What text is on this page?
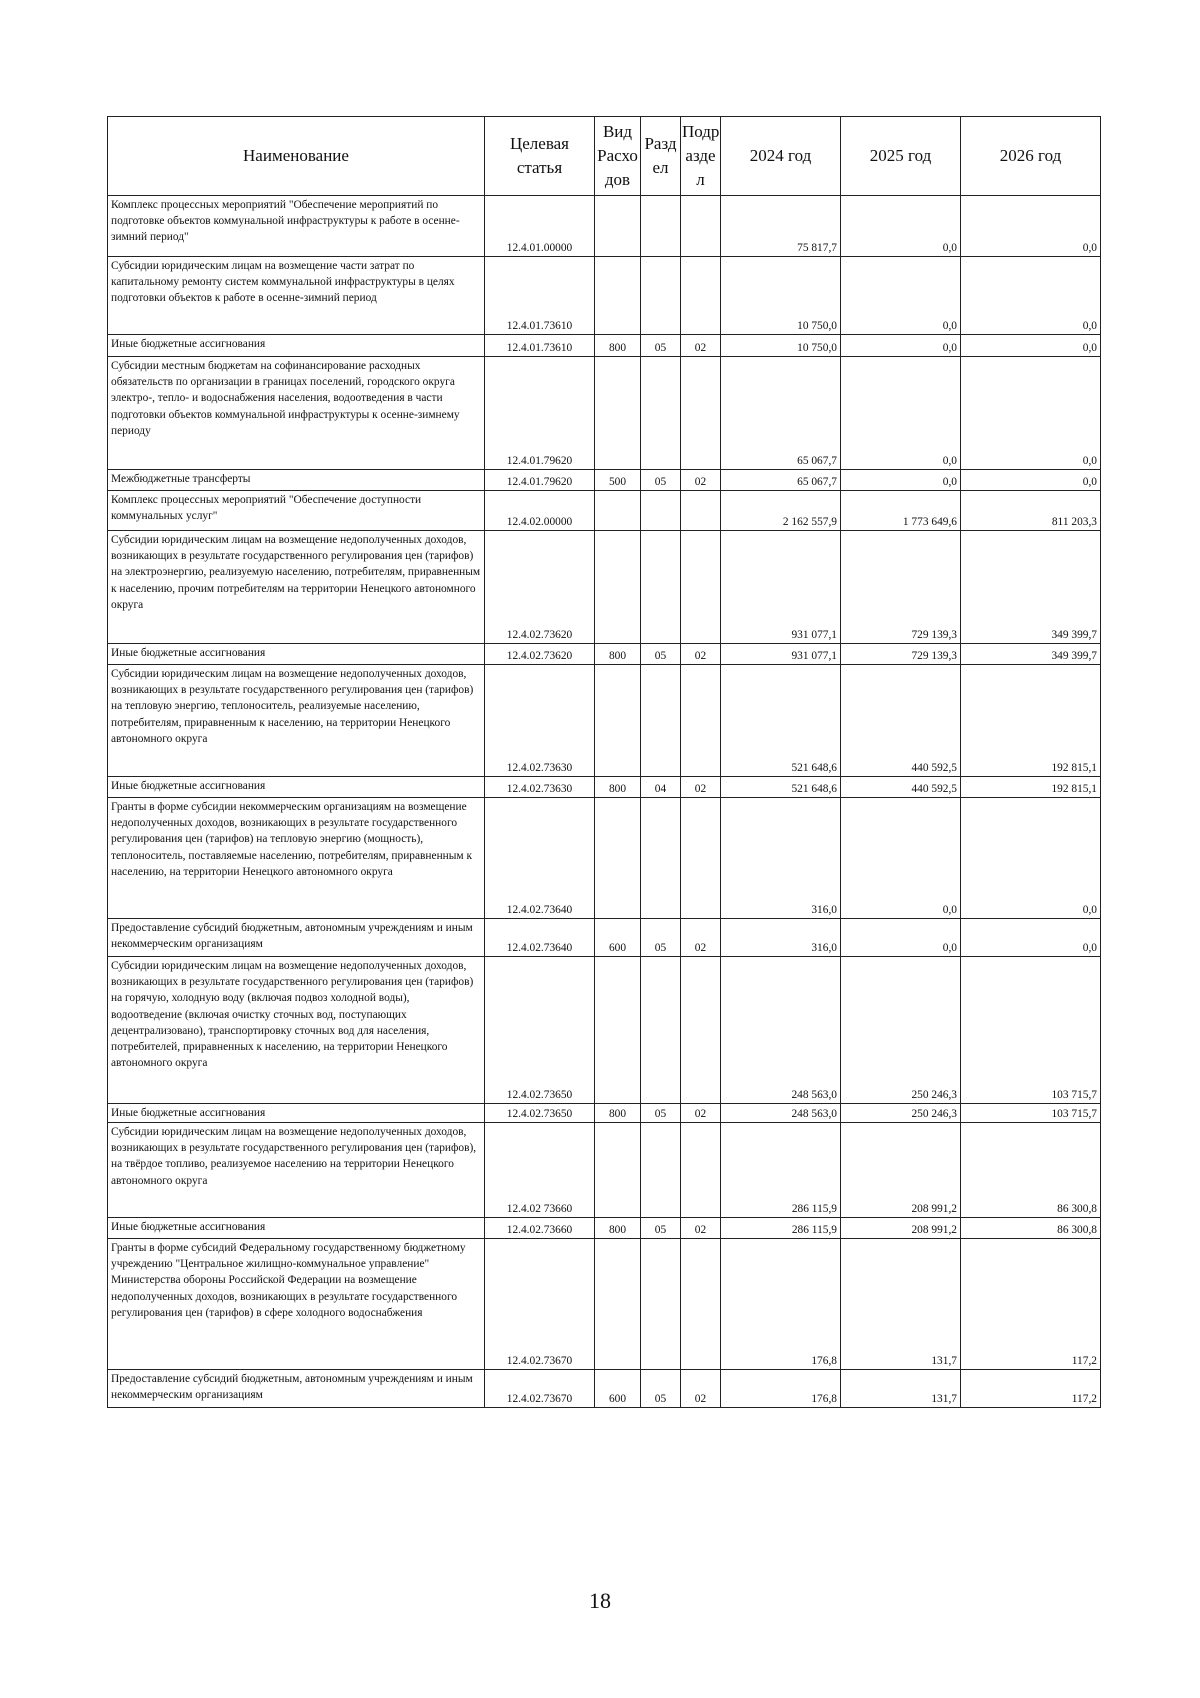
Наименование	Целевая статья	Вид Расхо дов	Разд ел	Подр азде л	2024 год	2025 год	2026 год
Комплекс процессных мероприятий "Обеспечение мероприятий по подготовке объектов коммунальной инфраструктуры к работе в осенне-зимний период"	12.4.01.00000				75 817,7	0,0	0,0
Субсидии юридическим лицам на возмещение части затрат по капитальному ремонту систем коммунальной инфраструктуры в целях подготовки объектов к работе в осенне-зимний период	12.4.01.73610				10 750,0	0,0	0,0
Иные бюджетные ассигнования	12.4.01.73610	800	05	02	10 750,0	0,0	0,0
Субсидии местным бюджетам на софинансирование расходных обязательств по организации в границах поселений, городского округа электро-, тепло- и водоснабжения населения, водоотведения в части подготовки объектов коммунальной инфраструктуры к осенне-зимнему периоду	12.4.01.79620				65 067,7	0,0	0,0
Межбюджетные трансферты	12.4.01.79620	500	05	02	65 067,7	0,0	0,0
Комплекс процессных мероприятий "Обеспечение доступности коммунальных услуг"	12.4.02.00000				2 162 557,9	1 773 649,6	811 203,3
Субсидии юридическим лицам на возмещение недополученных доходов, возникающих в результате государственного регулирования цен (тарифов) на электроэнергию, реализуемую населению, потребителям, приравненным к населению, прочим потребителям на территории Ненецкого автономного округа	12.4.02.73620				931 077,1	729 139,3	349 399,7
Иные бюджетные ассигнования	12.4.02.73620	800	05	02	931 077,1	729 139,3	349 399,7
Субсидии юридическим лицам на возмещение недополученных доходов, возникающих в результате государственного регулирования цен (тарифов) на тепловую энергию, теплоноситель, реализуемые населению, потребителям, приравненным к населению, на территории Ненецкого автономного округа	12.4.02.73630				521 648,6	440 592,5	192 815,1
Иные бюджетные ассигнования	12.4.02.73630	800	04	02	521 648,6	440 592,5	192 815,1
Гранты в форме субсидии некоммерческим организациям на возмещение недополученных доходов, возникающих в результате государственного регулирования цен (тарифов) на тепловую энергию (мощность), теплоноситель, поставляемые населению, потребителям, приравненным к населению, на территории Ненецкого автономного округа	12.4.02.73640				316,0	0,0	0,0
Предоставление субсидий бюджетным, автономным учреждениям и иным некоммерческим организациям	12.4.02.73640	600	05	02	316,0	0,0	0,0
Субсидии юридическим лицам на возмещение недополученных доходов, возникающих в результате государственного регулирования цен (тарифов) на горячую, холодную воду (включая подвоз холодной воды), водоотведение (включая очистку сточных вод, поступающих децентрализовано), транспортировку сточных вод для населения, потребителей, приравненных к населению, на территории Ненецкого автономного округа	12.4.02.73650				248 563,0	250 246,3	103 715,7
Иные бюджетные ассигнования	12.4.02.73650	800	05	02	248 563,0	250 246,3	103 715,7
Субсидии юридическим лицам на возмещение недополученных доходов, возникающих в результате государственного регулирования цен (тарифов), на твёрдое топливо, реализуемое населению на территории Ненецкого автономного округа	12.4.02 73660				286 115,9	208 991,2	86 300,8
Иные бюджетные ассигнования	12.4.02.73660	800	05	02	286 115,9	208 991,2	86 300,8
Гранты в форме субсидий Федеральному государственному бюджетному учреждению "Центральное жилищно-коммунальное управление" Министерства обороны Российской Федерации на возмещение недополученных доходов, возникающих в результате государственного регулирования цен (тарифов) в сфере холодного водоснабжения	12.4.02.73670				176,8	131,7	117,2
Предоставление субсидий бюджетным, автономным учреждениям и иным некоммерческим организациям	12.4.02.73670	600	05	02	176,8	131,7	117,2
18
